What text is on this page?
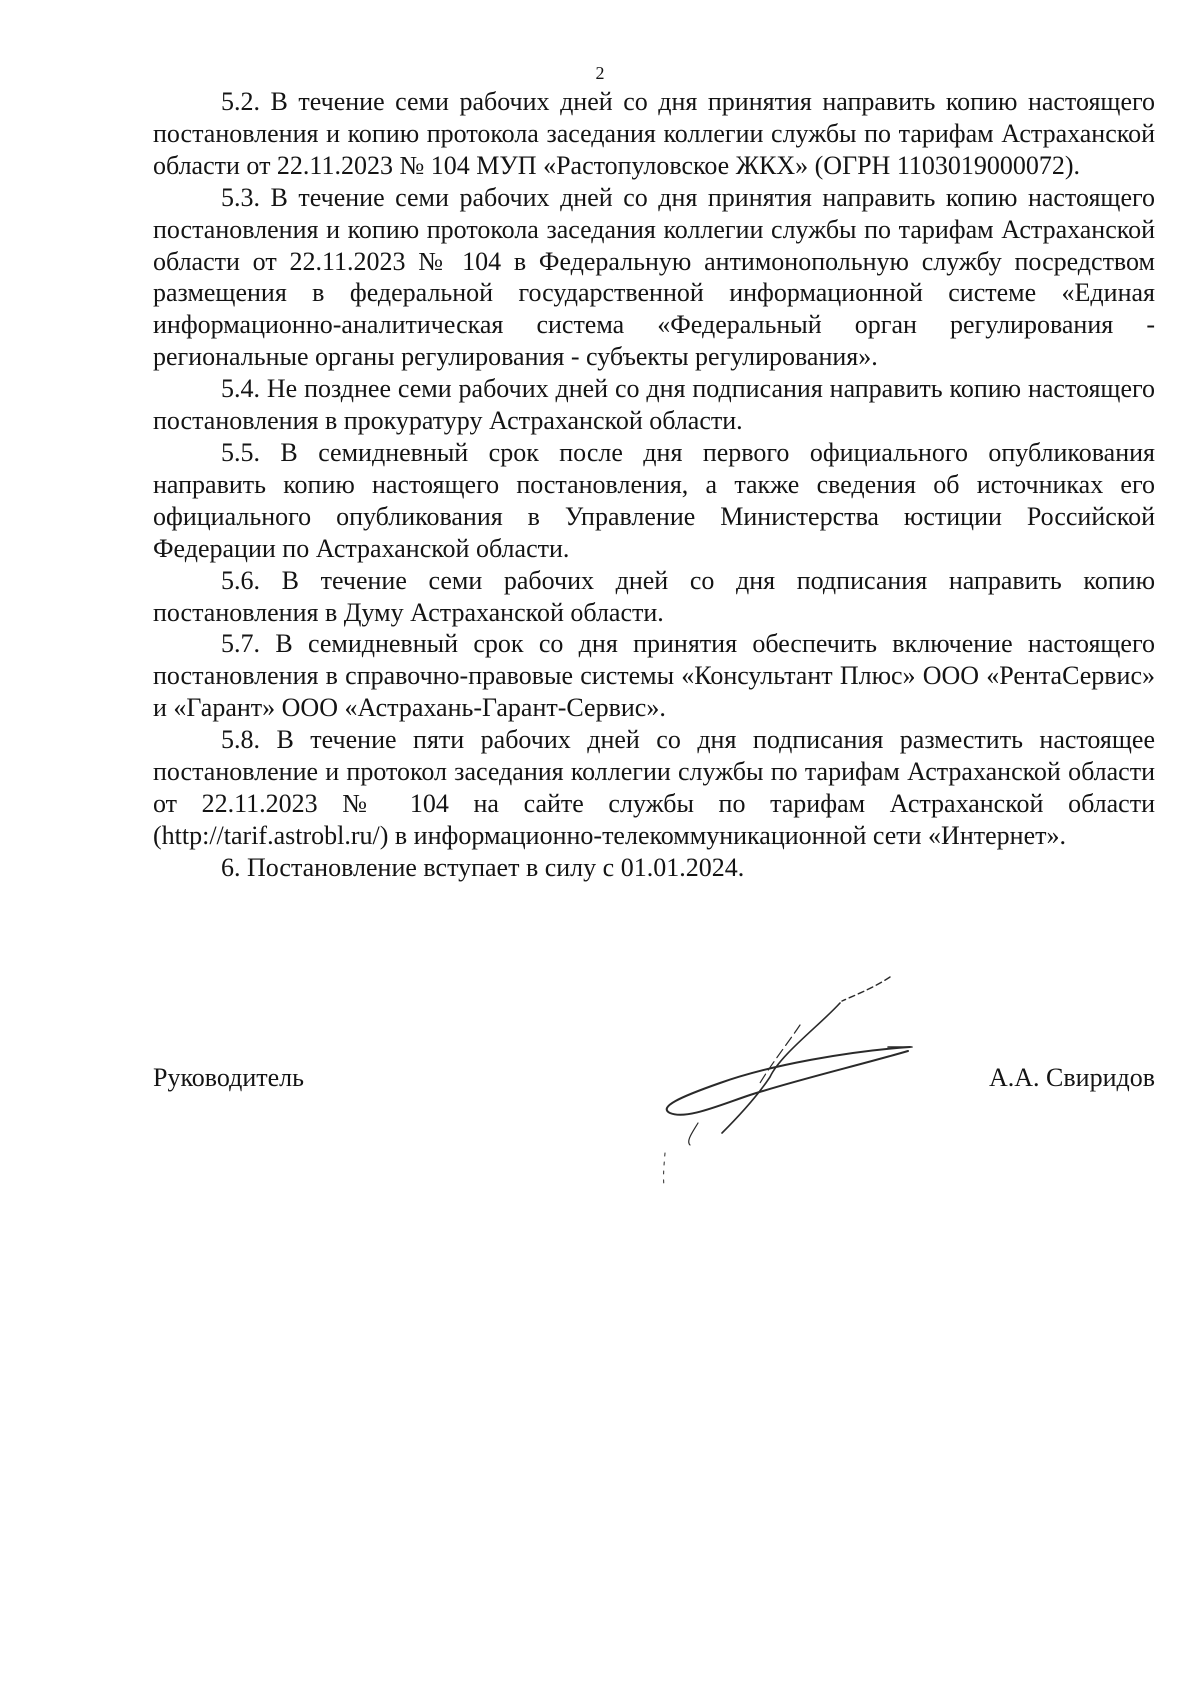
2

5.2. В течение семи рабочих дней со дня принятия направить копию настоящего постановления и копию протокола заседания коллегии службы по тарифам Астраханской области от 22.11.2023 № 104 МУП «Растопуловское ЖКХ» (ОГРН 1103019000072).

5.3. В течение семи рабочих дней со дня принятия направить копию настоящего постановления и копию протокола заседания коллегии службы по тарифам Астраханской области от 22.11.2023 № 104 в Федеральную антимонопольную службу посредством размещения в федеральной государственной информационной системе «Единая информационно-аналитическая система «Федеральный орган регулирования - региональные органы регулирования - субъекты регулирования».

5.4. Не позднее семи рабочих дней со дня подписания направить копию настоящего постановления в прокуратуру Астраханской области.

5.5. В семидневный срок после дня первого официального опубликования направить копию настоящего постановления, а также сведения об источниках его официального опубликования в Управление Министерства юстиции Российской Федерации по Астраханской области.

5.6. В течение семи рабочих дней со дня подписания направить копию постановления в Думу Астраханской области.

5.7. В семидневный срок со дня принятия обеспечить включение настоящего постановления в справочно-правовые системы «Консультант Плюс» ООО «РентаСервис» и «Гарант» ООО «Астрахань-Гарант-Сервис».

5.8. В течение пяти рабочих дней со дня подписания разместить настоящее постановление и протокол заседания коллегии службы по тарифам Астраханской области от 22.11.2023 № 104 на сайте службы по тарифам Астраханской области (http://tarif.astrobl.ru/) в информационно-телекоммуникационной сети «Интернет».

6. Постановление вступает в силу с 01.01.2024.

Руководитель	А.А. Свиридов
